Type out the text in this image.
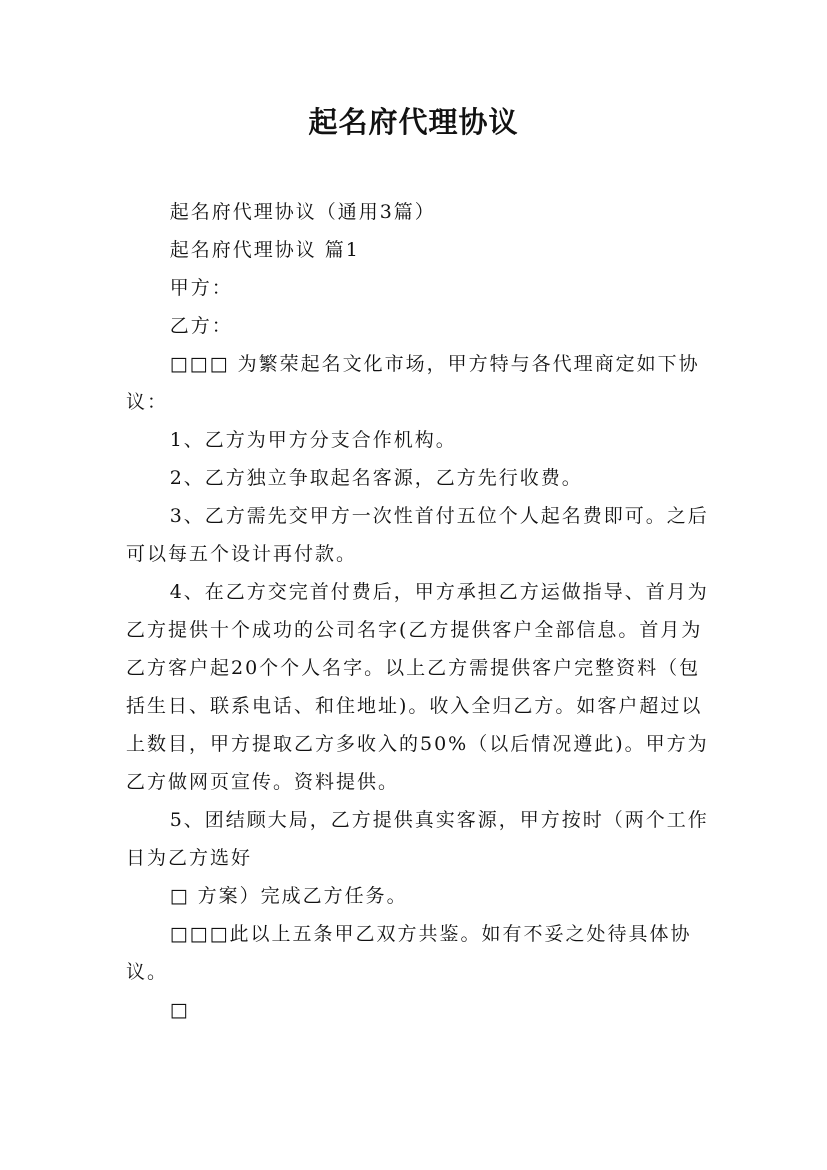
起名府代理协议

起名府代理协议（通用3篇）

起名府代理协议 篇1

甲方：

乙方：

□□□ 为繁荣起名文化市场，甲方特与各代理商定如下协议：

1、乙方为甲方分支合作机构。

2、乙方独立争取起名客源，乙方先行收费。

3、乙方需先交甲方一次性首付五位个人起名费即可。之后可以每五个设计再付款。

4、在乙方交完首付费后，甲方承担乙方运做指导、首月为乙方提供十个成功的公司名字(乙方提供客户全部信息。首月为乙方客户起20个个人名字。以上乙方需提供客户完整资料（包括生日、联系电话、和住地址)。收入全归乙方。如客户超过以上数目，甲方提取乙方多收入的50%（以后情况遵此)。甲方为乙方做网页宣传。资料提供。

5、团结顾大局，乙方提供真实客源，甲方按时（两个工作日为乙方选好

□ 方案）完成乙方任务。

□□□此以上五条甲乙双方共鉴。如有不妥之处待具体协议。

□
